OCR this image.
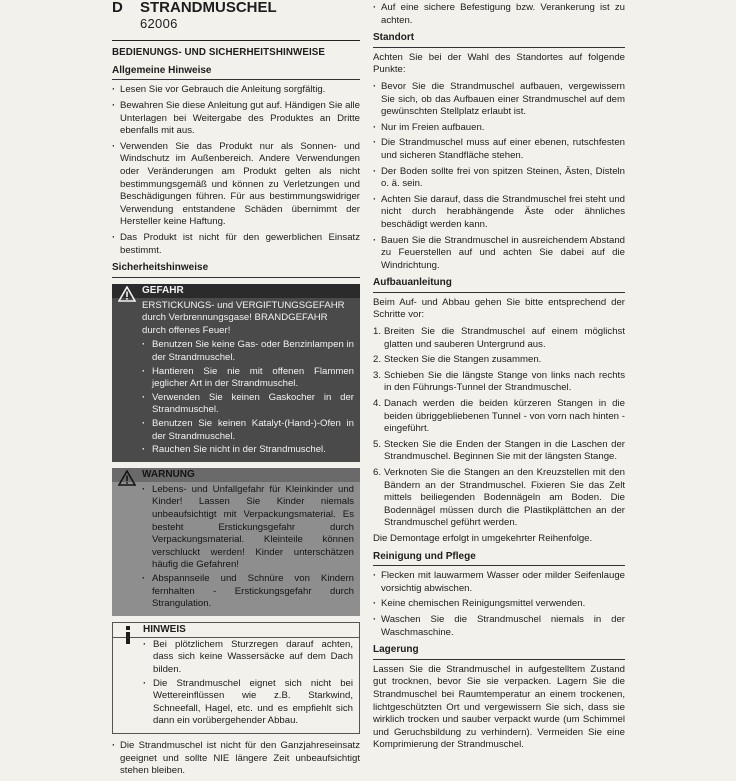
D	STRANDMUSCHEL
62006
BEDIENUNGS- UND SICHERHEITSHINWEISE
Allgemeine Hinweise
· Lesen Sie vor Gebrauch die Anleitung sorgfältig.
· Bewahren Sie diese Anleitung gut auf. Händigen Sie alle Unterlagen bei Weitergabe des Produktes an Dritte ebenfalls mit aus.
· Verwenden Sie das Produkt nur als Sonnen- und Windschutz im Außenbereich. Andere Verwendungen oder Veränderungen am Produkt gelten als nicht bestimmungsgemäß und können zu Verletzungen und Beschädigungen führen. Für aus bestimmungswidriger Verwendung entstandene Schäden übernimmt der Hersteller keine Haftung.
· Das Produkt ist nicht für den gewerblichen Einsatz bestimmt.
Sicherheitshinweise
GEFAHR

ERSTICKUNGS- und VERGIFTUNGSGEFAHR durch Verbrennungsgase! BRANDGEFAHR durch offenes Feuer!

· Benutzen Sie keine Gas- oder Benzinlampen in der Strandmuschel.
· Hantieren Sie nie mit offenen Flammen jeglicher Art in der Strandmuschel.
· Verwenden Sie keinen Gaskocher in der Strandmuschel.
· Benutzen Sie keinen Katalyt-(Hand-)-Ofen in der Strandmuschel.
· Rauchen Sie nicht in der Strandmuschel.
WARNUNG
· Lebens- und Unfallgefahr für Kleinkinder und Kinder! Lassen Sie Kinder niemals unbeaufsichtigt mit Verpackungsmaterial. Es besteht Erstickungsgefahr durch Verpackungsmaterial. Kleinteile können verschluckt werden! Kinder unterschätzen häufig die Gefahren!
· Abspannseile und Schnüre von Kindern fernhalten - Erstickungsgefahr durch Strangulation.
HINWEIS
· Bei plötzlichem Sturzregen darauf achten, dass sich keine Wassersäcke auf dem Dach bilden.
· Die Strandmuschel eignet sich nicht bei Wettereinflüssen wie z.B. Starkwind, Schneefall, Hagel, etc. und es empfiehlt sich dann ein vorübergehender Abbau.
· Die Strandmuschel ist nicht für den Ganzjahreseinsatz geeignet und sollte NIE längere Zeit unbeaufsichtigt stehen bleiben.
· Auf eine sichere Befestigung bzw. Verankerung ist zu achten.
Standort

Achten Sie bei der Wahl des Standortes auf folgende Punkte:

· Bevor Sie die Strandmuschel aufbauen, vergewissern Sie sich, ob das Aufbauen einer Strandmuschel auf dem gewünschten Stellplatz erlaubt ist.
· Nur im Freien aufbauen.
· Die Strandmuschel muss auf einer ebenen, rutschfesten und sicheren Standfläche stehen.
· Der Boden sollte frei von spitzen Steinen, Ästen, Disteln o. ä. sein.
· Achten Sie darauf, dass die Strandmuschel frei steht und nicht durch herabhängende Äste oder ähnliches beschädigt werden kann.
· Bauen Sie die Strandmuschel in ausreichendem Abstand zu Feuerstellen auf und achten Sie dabei auf die Windrichtung.
Aufbauanleitung

Beim Auf- und Abbau gehen Sie bitte entsprechend der Schritte vor:

1. Breiten Sie die Strandmuschel auf einem möglichst glatten und sauberen Untergrund aus.
2. Stecken Sie die Stangen zusammen.
3. Schieben Sie die längste Stange von links nach rechts in den Führungs-Tunnel der Strandmuschel.
4. Danach werden die beiden kürzeren Stangen in die beiden übriggebliebenen Tunnel - von vorn nach hinten - eingeführt.
5. Stecken Sie die Enden der Stangen in die Laschen der Strandmuschel. Beginnen Sie mit der längsten Stange.
6. Verknoten Sie die Stangen an den Kreuzstellen mit den Bändern an der Strandmuschel. Fixieren Sie das Zelt mittels beiliegenden Bodennägeln am Boden. Die Bodennägel müssen durch die Plastikplättchen an der Strandmuschel geführt werden.

Die Demontage erfolgt in umgekehrter Reihenfolge.

Reinigung und Pflege
· Flecken mit lauwarmem Wasser oder milder Seifenlauge vorsichtig abwischen.
· Keine chemischen Reinigungsmittel verwenden.
· Waschen Sie die Strandmuschel niemals in der Waschmaschine.
Lagerung

Lassen Sie die Strandmuschel in aufgestelltem Zustand gut trocknen, bevor Sie sie verpacken. Lagern Sie die Strandmuschel bei Raumtemperatur an einem trockenen, lichtgeschützten Ort und vergewissern Sie sich, dass sie wirklich trocken und sauber verpackt wurde (um Schimmel und Geruchsbildung zu verhindern). Vermeiden Sie eine Komprimierung der Strandmuschel.
